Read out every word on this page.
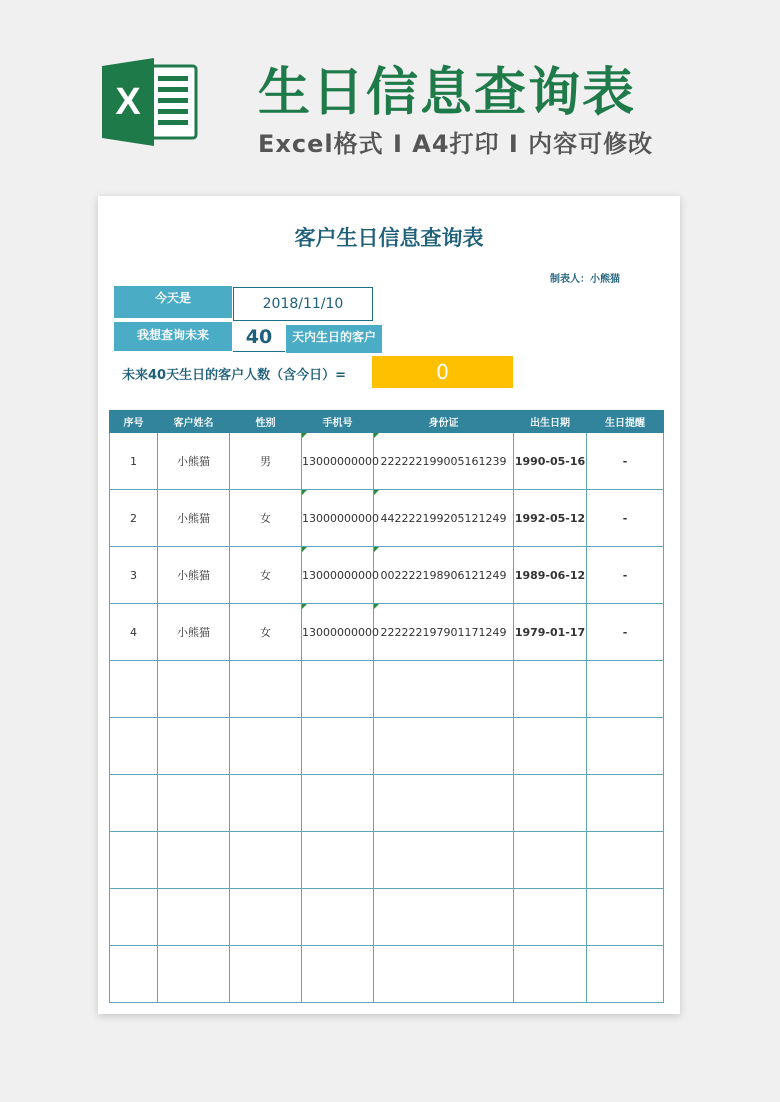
X 生日信息查询表
Excel格式 I A4打印 I 内容可修改
客户生日信息查询表
制表人：小熊猫
今天是	2018/11/10
我想查询未来	40	天内生日的客户
未来40天生日的客户人数（含今日）=	0
序号	客户姓名	性别	手机号	身份证	出生日期	生日提醒
1	小熊猫	男	13000000000	222222199005161239	1990-05-16	-
2	小熊猫	女	13000000000	442222199205121249	1992-05-12	-
3	小熊猫	女	13000000000	002222198906121249	1989-06-12	-
4	小熊猫	女	13000000000	222222197901171249	1979-01-17	-
